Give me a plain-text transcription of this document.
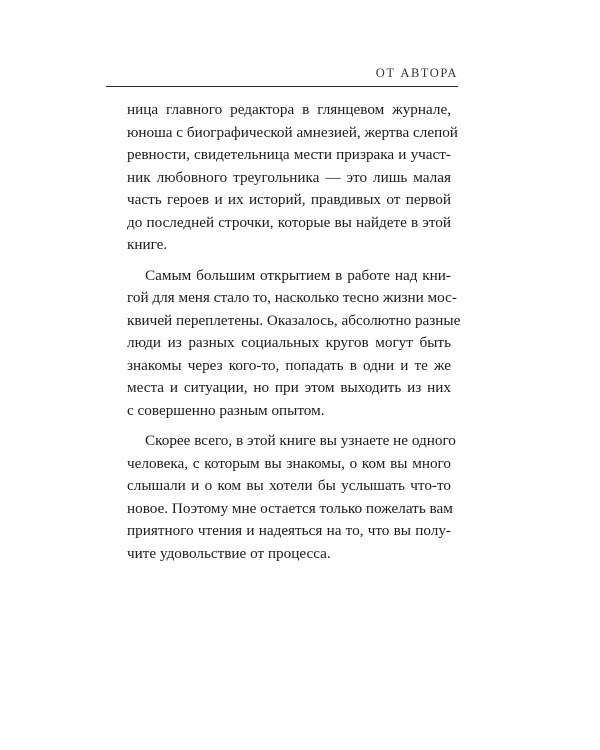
ОТ АВТОРА

ница главного редактора в глянцевом журнале,
юноша с биографической амнезией, жертва слепой
ревности, свидетельница мести призрака и участ-
ник любовного треугольника — это лишь малая
часть героев и их историй, правдивых от первой
до последней строчки, которые вы найдете в этой
книге.

Самым большим открытием в работе над кни-
гой для меня стало то, насколько тесно жизни мос-
квичей переплетены. Оказалось, абсолютно разные
люди из разных социальных кругов могут быть
знакомы через кого-то, попадать в одни и те же
места и ситуации, но при этом выходить из них
с совершенно разным опытом.

Скорее всего, в этой книге вы узнаете не одного
человека, с которым вы знакомы, о ком вы много
слышали и о ком вы хотели бы услышать что-то
новое. Поэтому мне остается только пожелать вам
приятного чтения и надеяться на то, что вы полу-
чите удовольствие от процесса.
